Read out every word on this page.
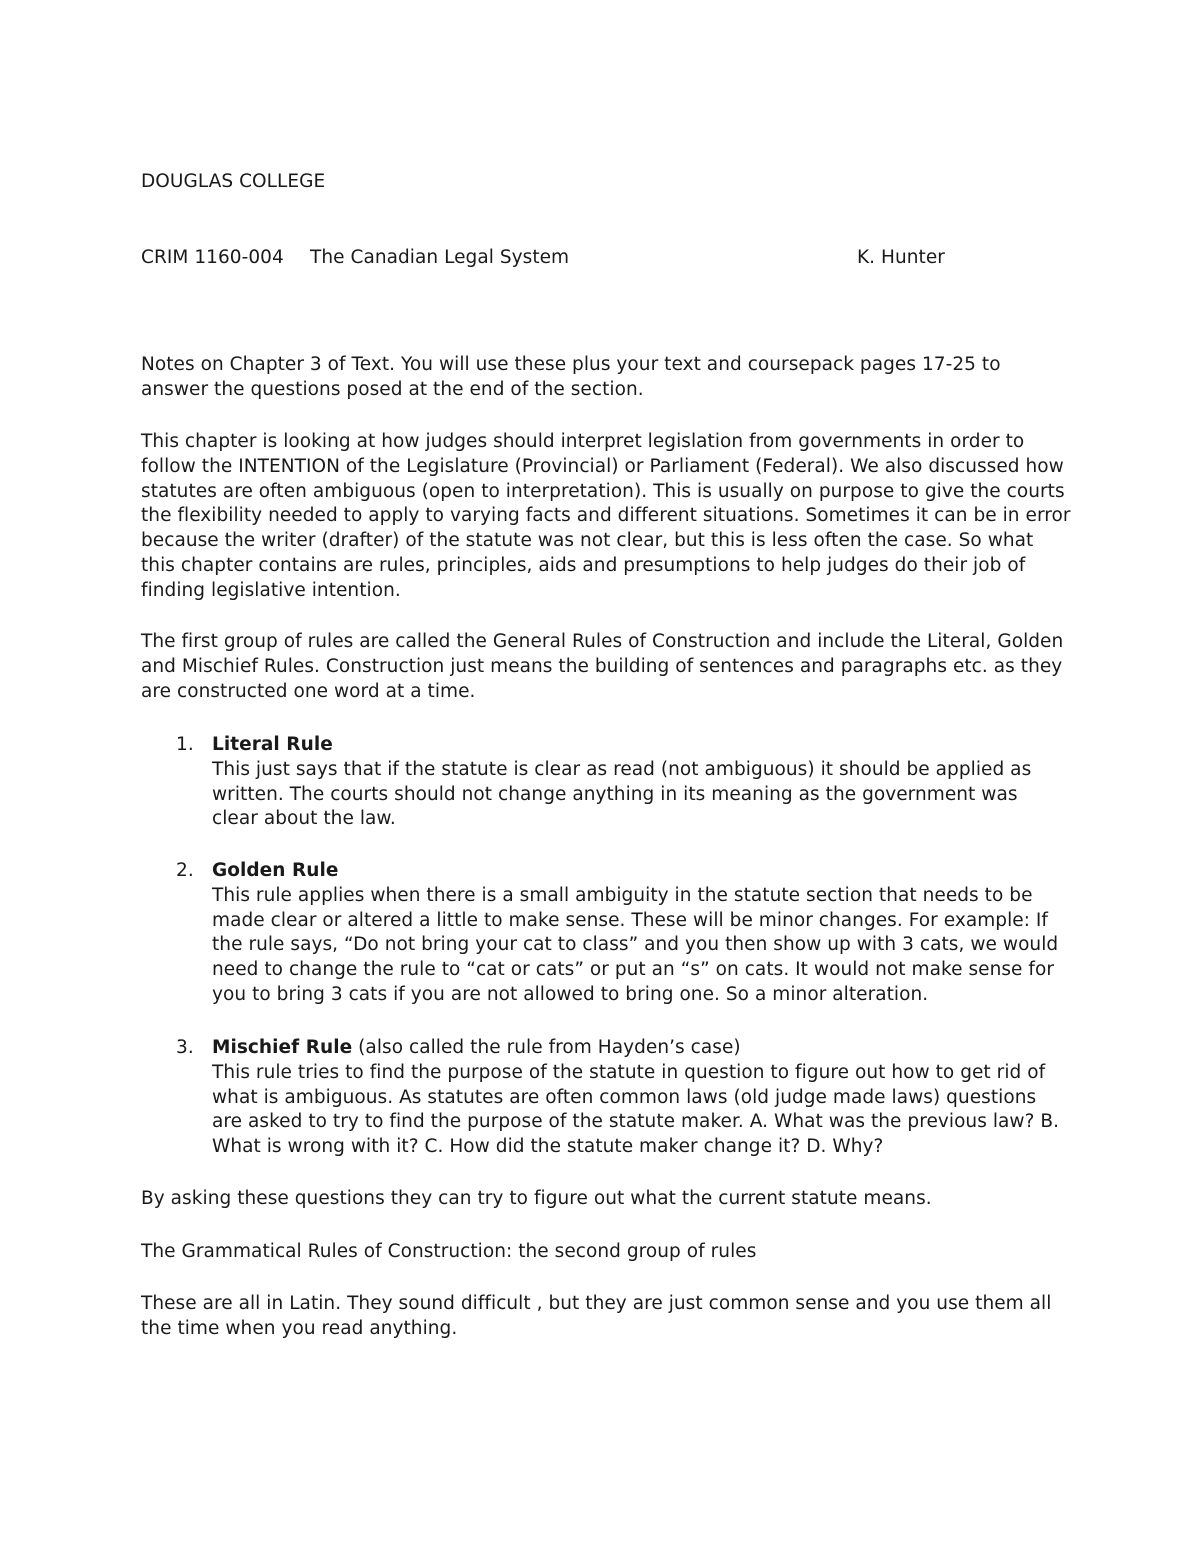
DOUGLAS COLLEGE

CRIM 1160-004 The Canadian Legal System	K. Hunter

Notes on Chapter 3 of Text. You will use these plus your text and coursepack pages 17-25 to answer the questions posed at the end of the section.

This chapter is looking at how judges should interpret legislation from governments in order to follow the INTENTION of the Legislature (Provincial) or Parliament (Federal). We also discussed how statutes are often ambiguous (open to interpretation). This is usually on purpose to give the courts the flexibility needed to apply to varying facts and different situations. Sometimes it can be in error because the writer (drafter) of the statute was not clear, but this is less often the case. So what this chapter contains are rules, principles, aids and presumptions to help judges do their job of finding legislative intention.

The first group of rules are called the General Rules of Construction and include the Literal, Golden and Mischief Rules. Construction just means the building of sentences and paragraphs etc. as they are constructed one word at a time.

1. Literal Rule
This just says that if the statute is clear as read (not ambiguous) it should be applied as written. The courts should not change anything in its meaning as the government was clear about the law.
2. Golden Rule
This rule applies when there is a small ambiguity in the statute section that needs to be made clear or altered a little to make sense. These will be minor changes. For example: If the rule says, “Do not bring your cat to class” and you then show up with 3 cats, we would need to change the rule to “cat or cats” or put an “s” on cats. It would not make sense for you to bring 3 cats if you are not allowed to bring one. So a minor alteration.
3. Mischief Rule (also called the rule from Hayden’s case)
This rule tries to find the purpose of the statute in question to figure out how to get rid of what is ambiguous. As statutes are often common laws (old judge made laws) questions are asked to try to find the purpose of the statute maker. A. What was the previous law? B. What is wrong with it? C. How did the statute maker change it? D. Why?

By asking these questions they can try to figure out what the current statute means.

The Grammatical Rules of Construction: the second group of rules

These are all in Latin. They sound difficult , but they are just common sense and you use them all the time when you read anything.
